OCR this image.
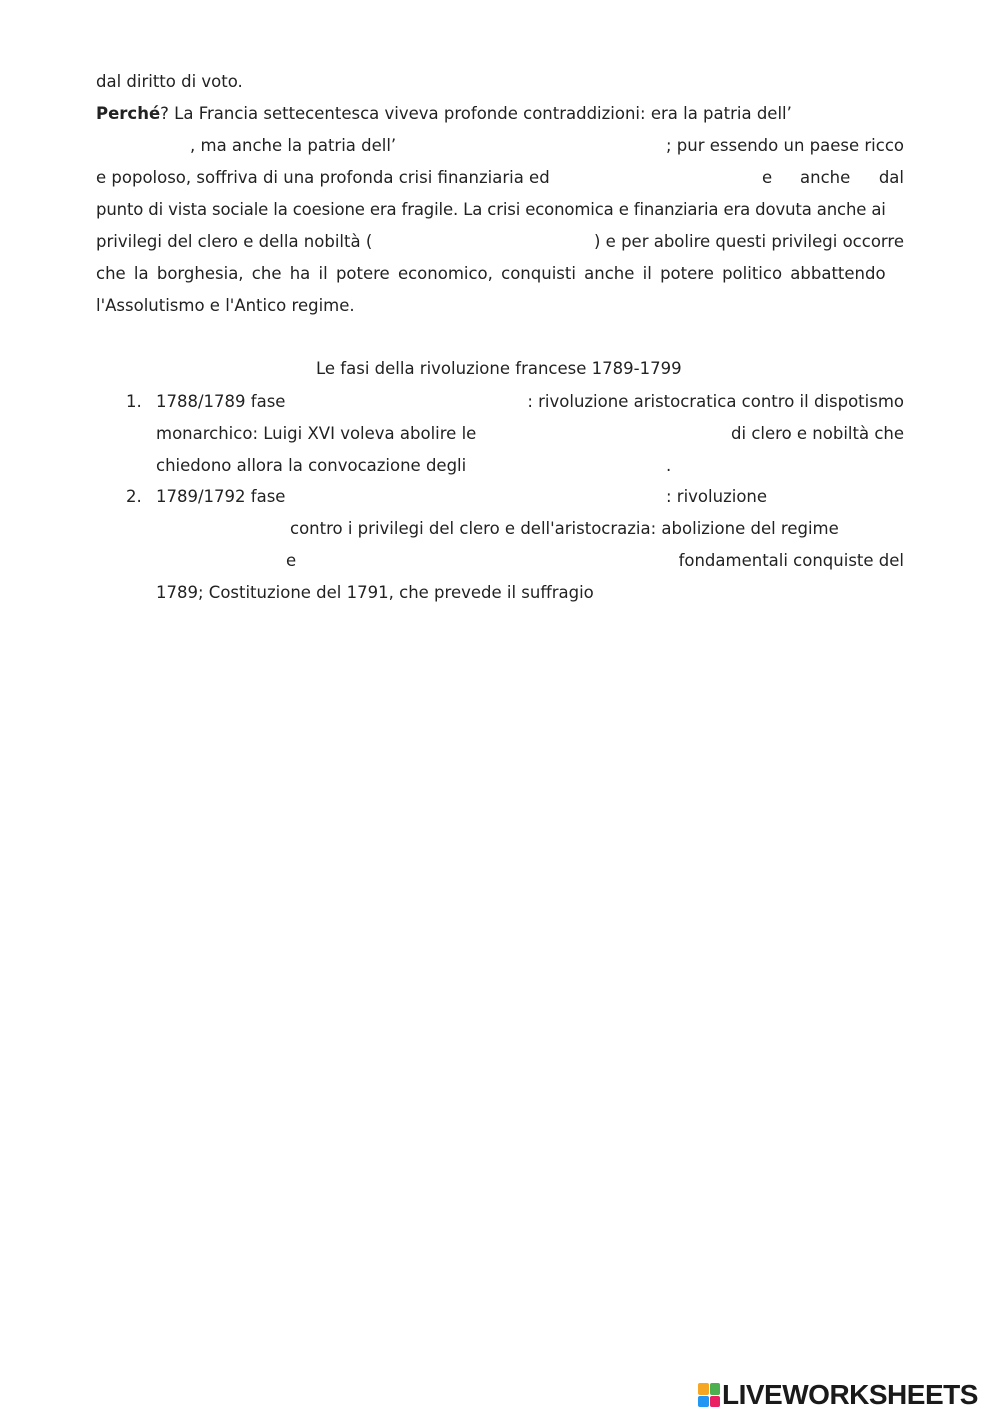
dal diritto di voto.
Perché? La Francia settecentesca viveva profonde contraddizioni: era la patria dell’
, ma anche la patria dell’	; pur essendo un paese ricco
e popoloso, soffriva di una profonda crisi finanziaria ed	e anche dal
punto di vista sociale la coesione era fragile. La crisi economica e finanziaria era dovuta anche ai
privilegi del clero e della nobiltà (	) e per abolire questi privilegi occorre
che la borghesia, che ha il potere economico, conquisti anche il potere politico abbattendo
l'Assolutismo e l'Antico regime.
Le fasi della rivoluzione francese 1789-1799
1. 1788/1789 fase	: rivoluzione aristocratica contro il dispotismo
monarchico: Luigi XVI voleva abolire le	di clero e nobiltà che
chiedono allora la convocazione degli	.
2. 1789/1792 fase	: rivoluzione
contro i privilegi del clero e dell'aristocrazia: abolizione del regime
e	fondamentali conquiste del
1789; Costituzione del 1791, che prevede il suffragio
LIVEWORKSHEETS
